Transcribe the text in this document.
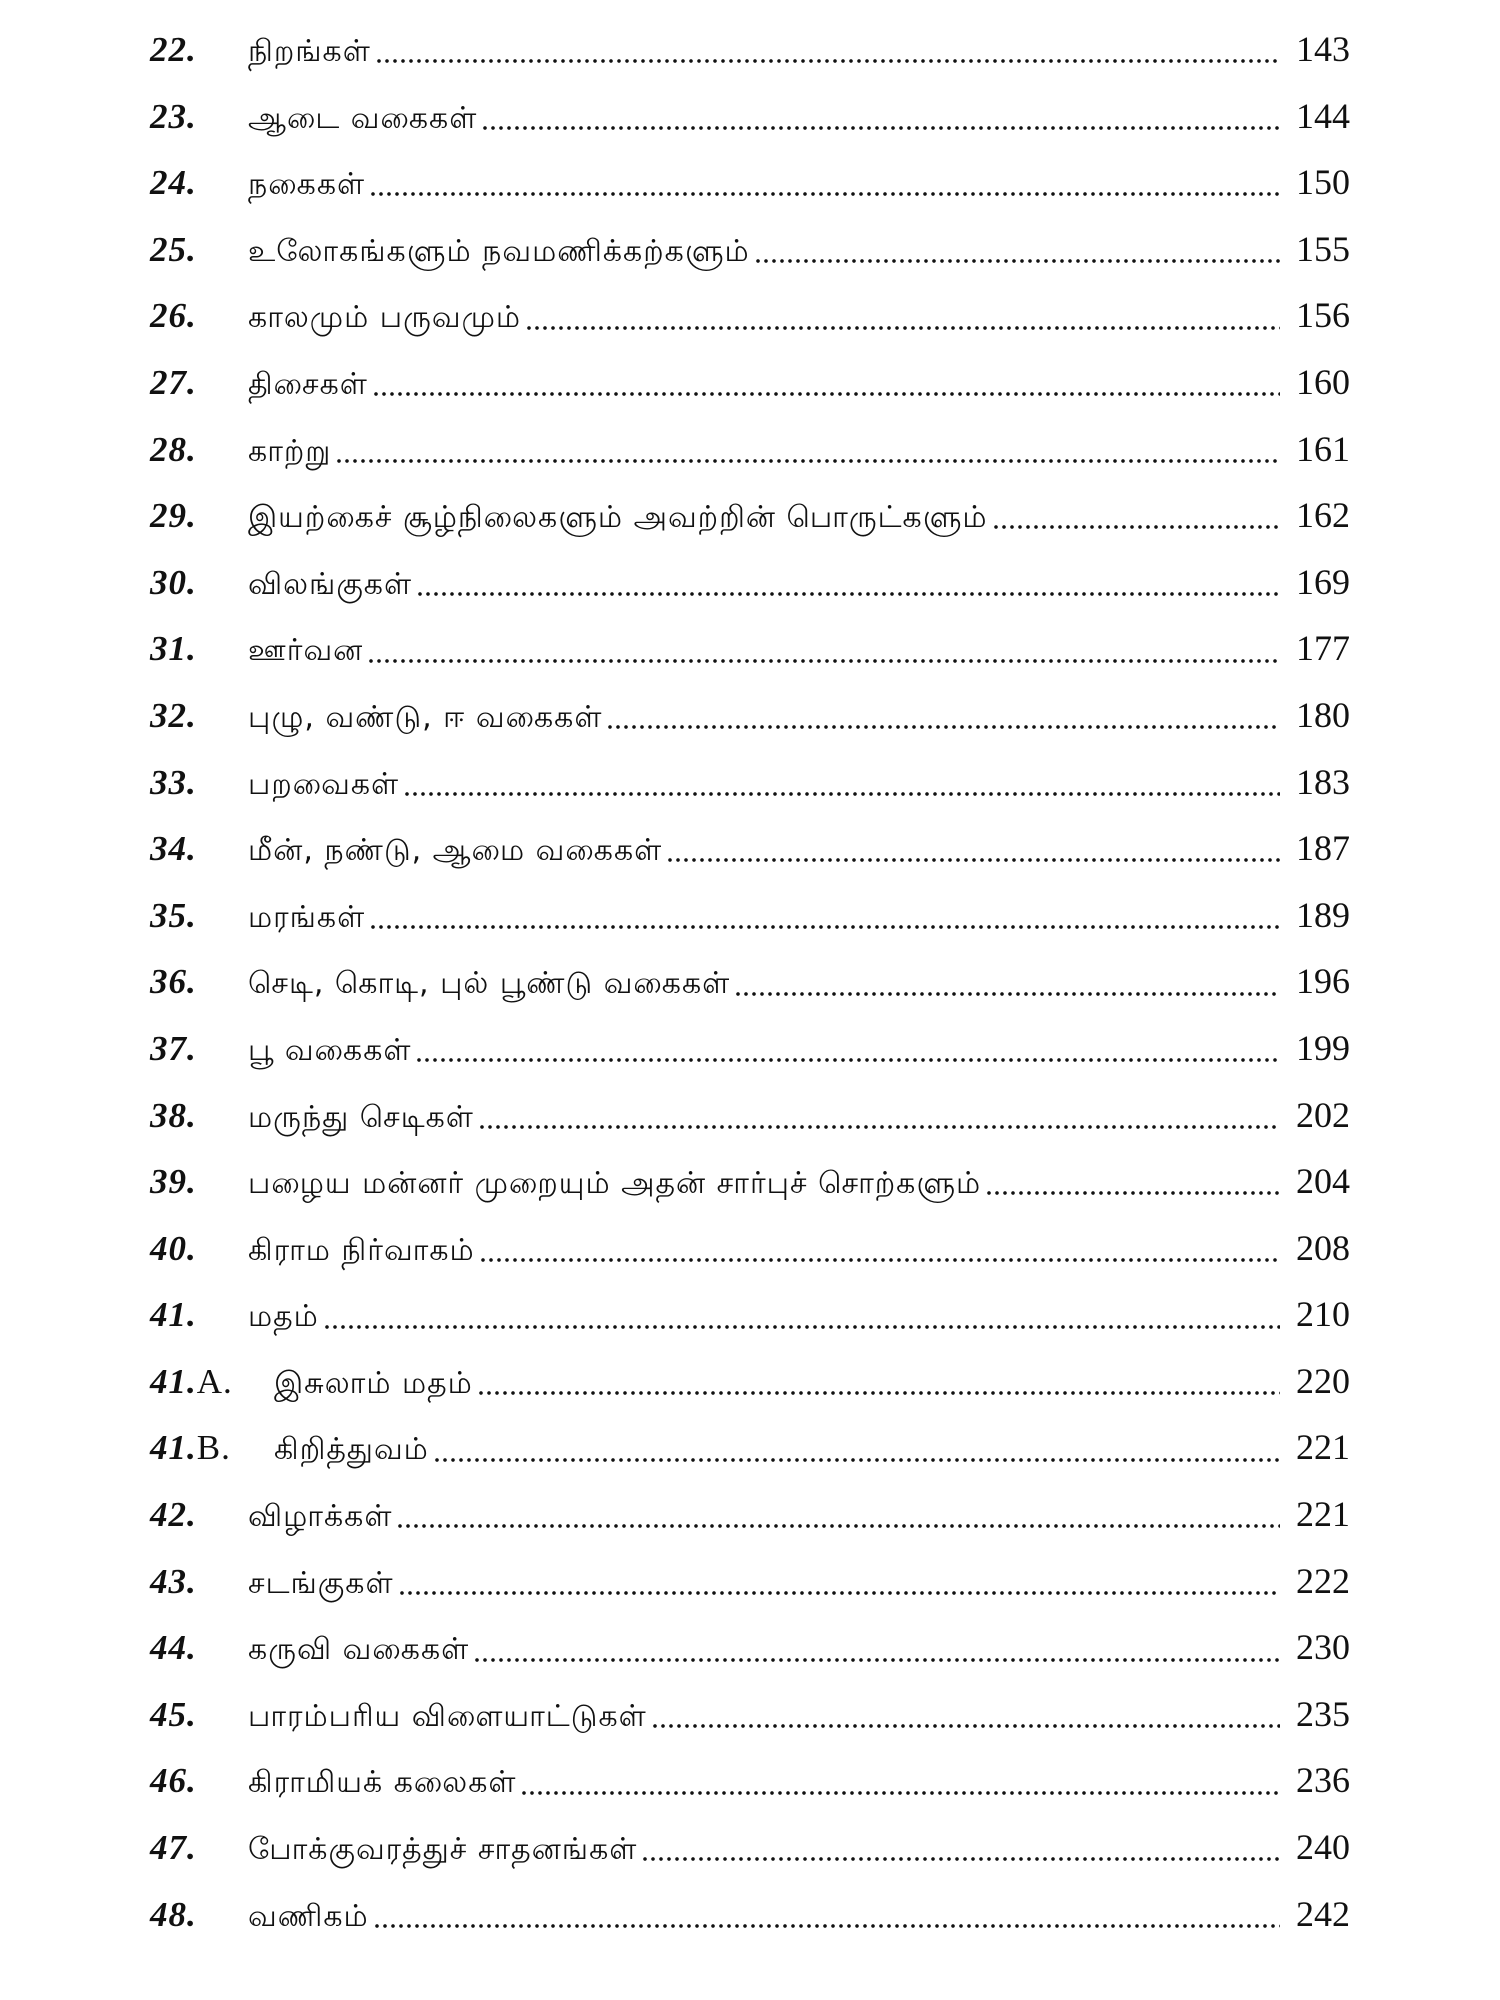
22.	நிறங்கள்	143
23.	ஆடை வகைகள்	144
24.	நகைகள்	150
25.	உலோகங்களும் நவமணிக்கற்களும்	155
26.	காலமும் பருவமும்	156
27.	திசைகள்	160
28.	காற்று	161
29.	இயற்கைச் சூழ்நிலைகளும் அவற்றின் பொருட்களும்	162
30.	விலங்குகள்	169
31.	ஊர்வன	177
32.	புழு, வண்டு, ஈ வகைகள்	180
33.	பறவைகள்	183
34.	மீன், நண்டு, ஆமை வகைகள்	187
35.	மரங்கள்	189
36.	செடி, கொடி, புல் பூண்டு வகைகள்	196
37.	பூ வகைகள்	199
38.	மருந்து செடிகள்	202
39.	பழைய மன்னர் முறையும் அதன் சார்புச் சொற்களும்	204
40.	கிராம நிர்வாகம்	208
41.	மதம்	210
41.A.	இசுலாம் மதம்	220
41.B.	கிறித்துவம்	221
42.	விழாக்கள்	221
43.	சடங்குகள்	222
44.	கருவி வகைகள்	230
45.	பாரம்பரிய விளையாட்டுகள்	235
46.	கிராமியக் கலைகள்	236
47.	போக்குவரத்துச் சாதனங்கள்	240
48.	வணிகம்	242
